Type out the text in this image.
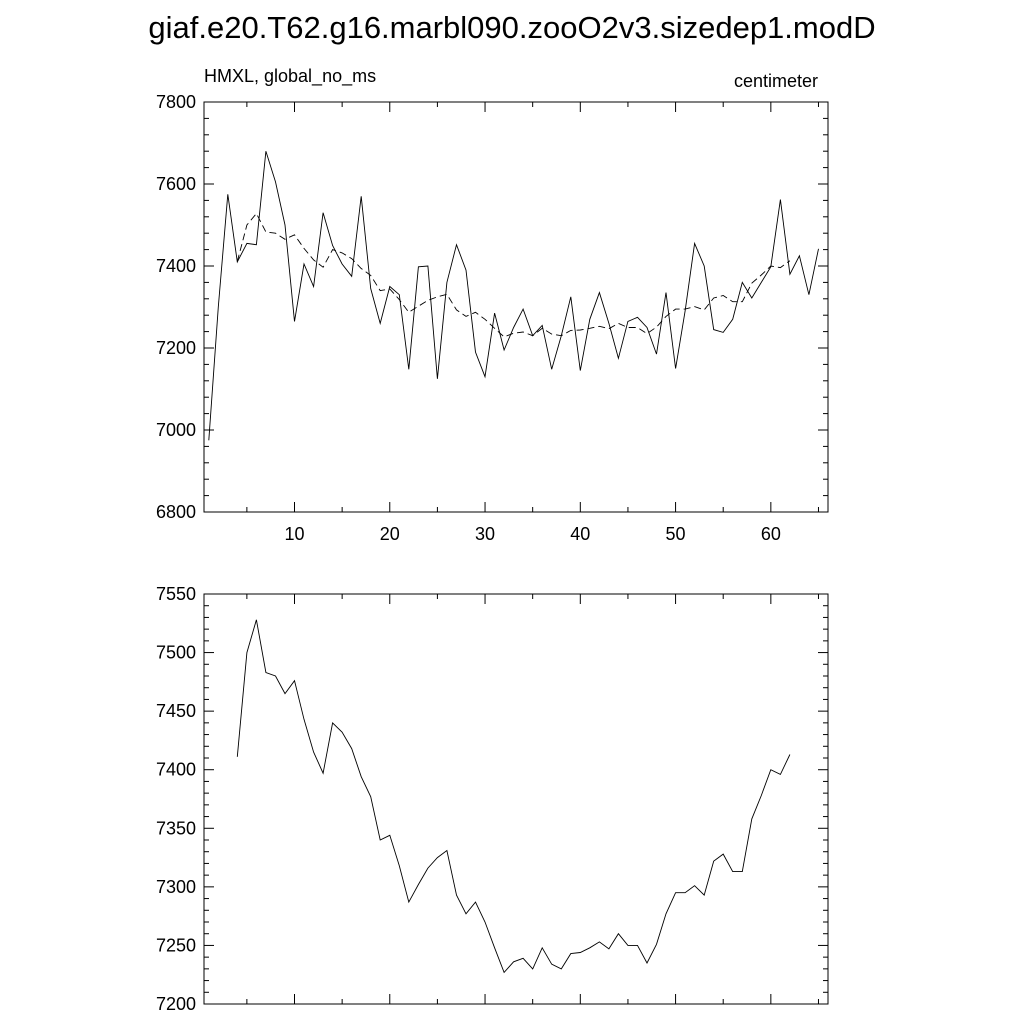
giaf.e20.T62.g16.marbl090.zooO2v3.sizedep1.modD
6800
7000
7200
7400
7600
7800
10	20	30	40	50	60
HMXL, global_no_ms	centimeter
7200
7250
7300
7350
7400
7450
7500
7550
